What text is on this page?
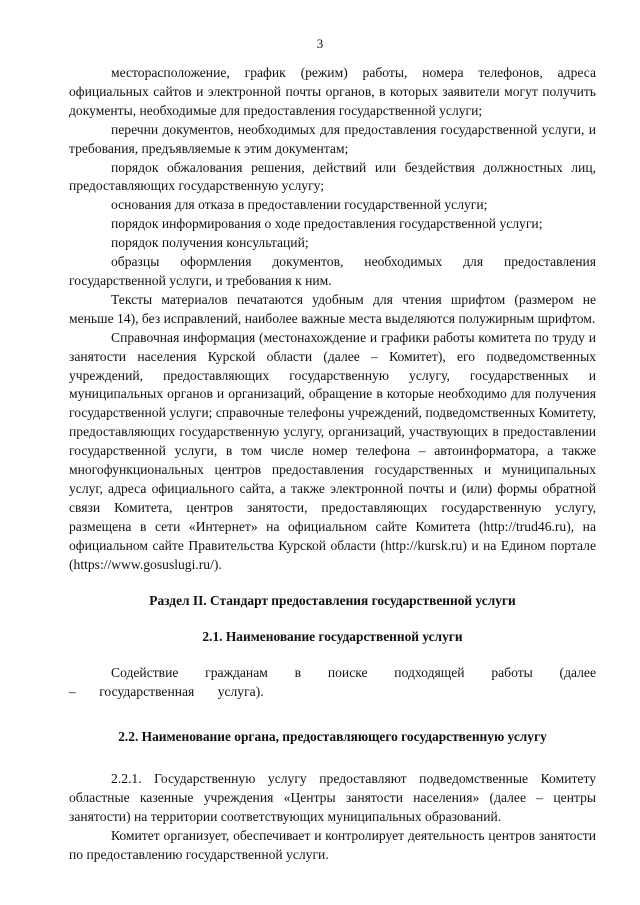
3

месторасположение, график (режим) работы, номера телефонов, адреса официальных сайтов и электронной почты органов, в которых заявители могут получить документы, необходимые для предоставления государственной услуги;

перечни документов, необходимых для предоставления государственной услуги, и требования, предъявляемые к этим документам;

порядок обжалования решения, действий или бездействия должностных лиц, предоставляющих государственную услугу;

основания для отказа в предоставлении государственной услуги;

порядок информирования о ходе предоставления государственной услуги;

порядок получения консультаций;

образцы оформления документов, необходимых для предоставления государственной услуги, и требования к ним.

Тексты материалов печатаются удобным для чтения шрифтом (размером не меньше 14), без исправлений, наиболее важные места выделяются полужирным шрифтом.

Справочная информация (местонахождение и графики работы комитета по труду и занятости населения Курской области (далее – Комитет), его подведомственных учреждений, предоставляющих государственную услугу, государственных и муниципальных органов и организаций, обращение в которые необходимо для получения государственной услуги; справочные телефоны учреждений, подведомственных Комитету, предоставляющих государственную услугу, организаций, участвующих в предоставлении государственной услуги, в том числе номер телефона – автоинформатора, а также многофункциональных центров предоставления государственных и муниципальных услуг, адреса официального сайта, а также электронной почты и (или) формы обратной связи Комитета, центров занятости, предоставляющих государственную услугу, размещена в сети «Интернет» на официальном сайте Комитета (http://trud46.ru), на официальном сайте Правительства Курской области (http://kursk.ru) и на Едином портале (https://www.gosuslugi.ru/).

Раздел II. Стандарт предоставления государственной услуги

2.1. Наименование государственной услуги

Содействие гражданам в поиске подходящей работы (далее – государственная услуга).

2.2. Наименование органа, предоставляющего государственную услугу

2.2.1. Государственную услугу предоставляют подведомственные Комитету областные казенные учреждения «Центры занятости населения» (далее – центры занятости) на территории соответствующих муниципальных образований.

Комитет организует, обеспечивает и контролирует деятельность центров занятости по предоставлению государственной услуги.
